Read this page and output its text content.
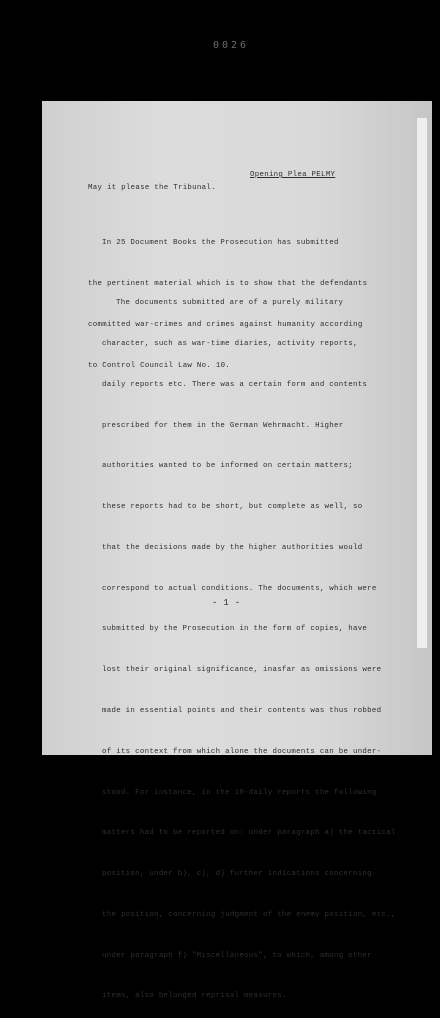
0026
Opening Plea PELMY
May it please the Tribunal.

In 25 Document Books the Prosecution has submitted

the pertinent material which is to show that the defendants

committed war-crimes and crimes against humanity according

to Control Council Law No. 10.

The documents submitted are of a purely military

character, such as war-time diaries, activity reports,

daily reports etc. There was a certain form and contents

prescribed for them in the German Wehrmacht. Higher

authorities wanted to be informed on certain matters;

these reports had to be short, but complete as well, so

that the decisions made by the higher authorities would

correspond to actual conditions. The documents, which were

submitted by the Prosecution in the form of copies, have

lost their original significance, inasfar as omissions were

made in essential points and their contents was thus robbed

of its context from which alone the documents can be under-

stood. For instance, in the 10-daily reports the following

matters had to be reported on: under paragraph a) the tactical

position, under b), c), d) further indications concerning

the position, concerning judgment of the enemy position, etc.,

under paragraph f) "Miscellaneous", to which, among other

items, also belonged reprisal measures.

- 1 -
